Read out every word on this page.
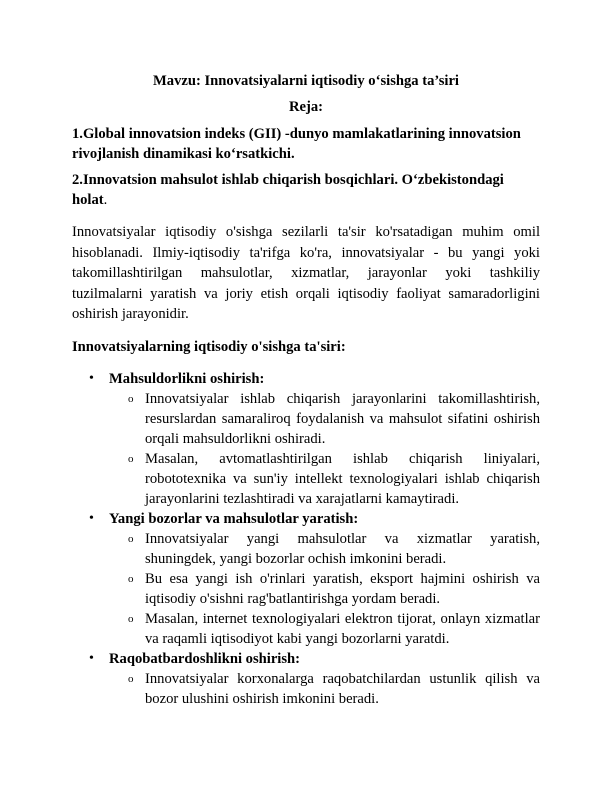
Mavzu: Innovatsiyalarni iqtisodiy o‘sishga ta’siri

Reja:

1.Global innovatsion indeks (GII) -dunyo mamlakatlarining innovatsion rivojlanish dinamikasi ko‘rsatkichi.

2.Innovatsion mahsulot ishlab chiqarish bosqichlari. O‘zbekistondagi holat.

Innovatsiyalar iqtisodiy o'sishga sezilarli ta'sir ko'rsatadigan muhim omil hisoblanadi. Ilmiy-iqtisodiy ta'rifga ko'ra, innovatsiyalar - bu yangi yoki takomillashtirilgan mahsulotlar, xizmatlar, jarayonlar yoki tashkiliy tuzilmalarni yaratish va joriy etish orqali iqtisodiy faoliyat samaradorligini oshirish jarayonidir.

Innovatsiyalarning iqtisodiy o'sishga ta'siri:

• Mahsuldorlikni oshirish:
o Innovatsiyalar ishlab chiqarish jarayonlarini takomillashtirish, resurslardan samaraliroq foydalanish va mahsulot sifatini oshirish orqali mahsuldorlikni oshiradi.
o Masalan, avtomatlashtirilgan ishlab chiqarish liniyalari, robototexnika va sun'iy intellekt texnologiyalari ishlab chiqarish jarayonlarini tezlashtiradi va xarajatlarni kamaytiradi.
• Yangi bozorlar va mahsulotlar yaratish:
o Innovatsiyalar yangi mahsulotlar va xizmatlar yaratish, shuningdek, yangi bozorlar ochish imkonini beradi.
o Bu esa yangi ish o'rinlari yaratish, eksport hajmini oshirish va iqtisodiy o'sishni rag'batlantirishga yordam beradi.
o Masalan, internet texnologiyalari elektron tijorat, onlayn xizmatlar va raqamli iqtisodiyot kabi yangi bozorlarni yaratdi.
• Raqobatbardoshlikni oshirish:
o Innovatsiyalar korxonalarga raqobatchilardan ustunlik qilish va bozor ulushini oshirish imkonini beradi.
